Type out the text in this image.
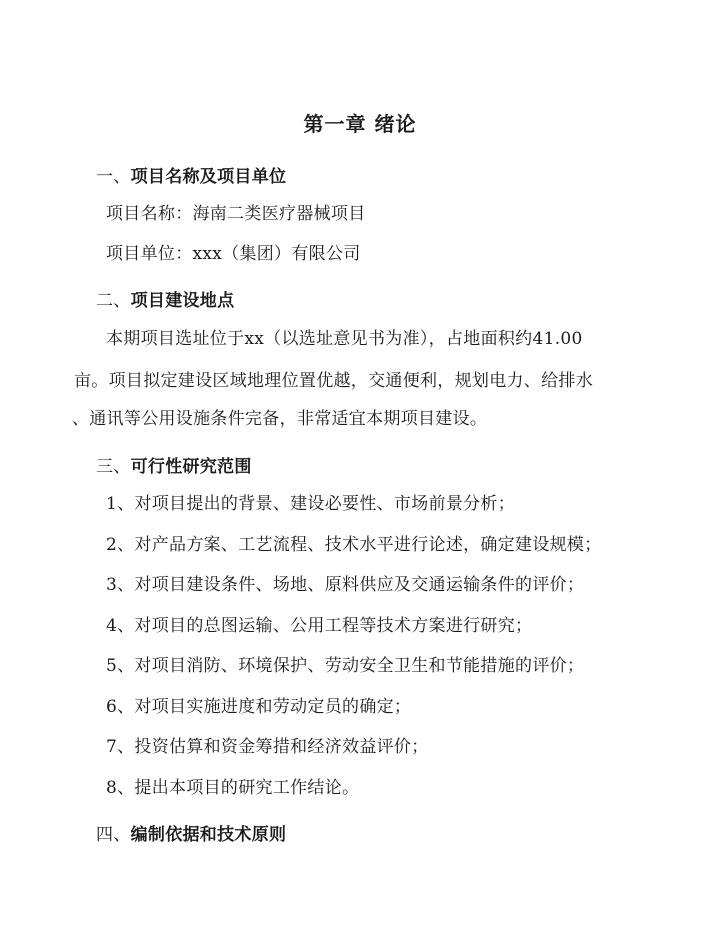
第一章 绪论
一、项目名称及项目单位
项目名称：海南二类医疗器械项目
项目单位：xxx（集团）有限公司
二、项目建设地点
本期项目选址位于xx（以选址意见书为准），占地面积约41.00
亩。项目拟定建设区域地理位置优越，交通便利，规划电力、给排水
、通讯等公用设施条件完备，非常适宜本期项目建设。
三、可行性研究范围
1、对项目提出的背景、建设必要性、市场前景分析；
2、对产品方案、工艺流程、技术水平进行论述，确定建设规模；
3、对项目建设条件、场地、原料供应及交通运输条件的评价；
4、对项目的总图运输、公用工程等技术方案进行研究；
5、对项目消防、环境保护、劳动安全卫生和节能措施的评价；
6、对项目实施进度和劳动定员的确定；
7、投资估算和资金筹措和经济效益评价；
8、提出本项目的研究工作结论。
四、编制依据和技术原则
